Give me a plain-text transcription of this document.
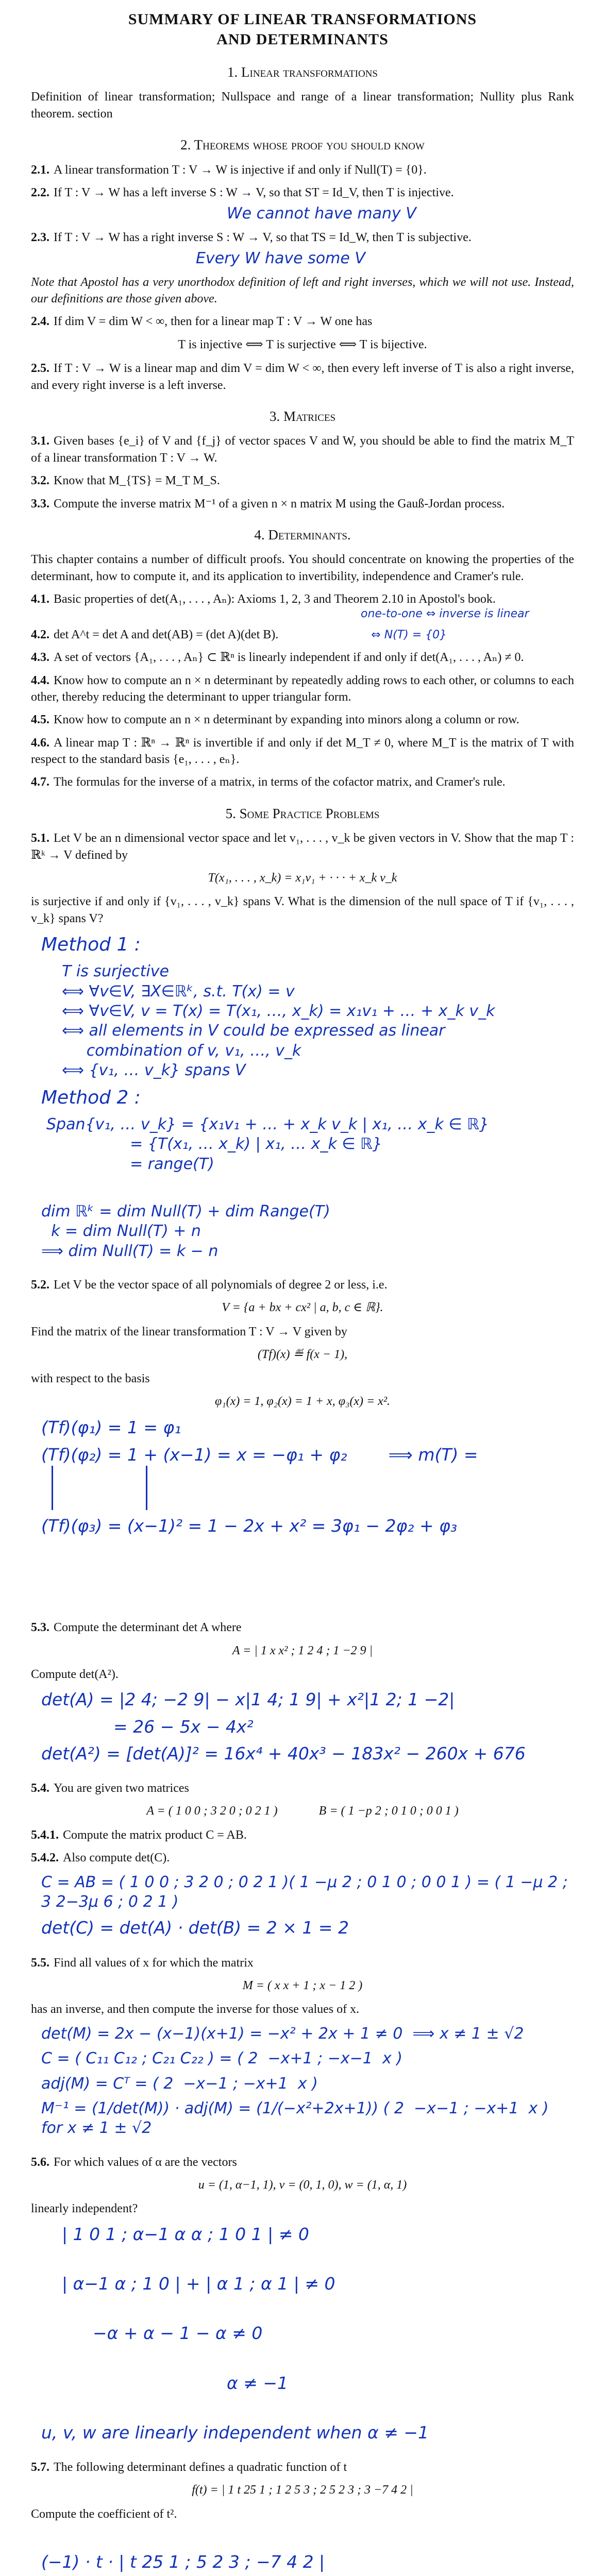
SUMMARY OF LINEAR TRANSFORMATIONS
AND DETERMINANTS
1. Linear transformations

Definition of linear transformation; Nullspace and range of a linear transformation; Nullity plus Rank theorem. section

2. Theorems whose proof you should know
2.1. A linear transformation T : V → W is injective if and only if Null(T) = {0}.
2.2. If T : V → W has a left inverse S : W → V, so that ST = Id_V, then T is injective.
We cannot have many V
2.3. If T : V → W has a right inverse S : W → V, so that TS = Id_W, then T is subjective.
Every W have some V
Note that Apostol has a very unorthodox definition of left and right inverses, which we will not use. Instead, our definitions are those given above.
2.4. If dim V = dim W < ∞, then for a linear map T : V → W one has
T is injective ⟺ T is surjective ⟺ T is bijective.
2.5. If T : V → W is a linear map and dim V = dim W < ∞, then every left inverse of T is also a right inverse, and every right inverse is a left inverse.
3. Matrices
3.1. Given bases {e_i} of V and {f_j} of vector spaces V and W, you should be able to find the matrix M_T of a linear transformation T : V → W.
3.2. Know that M_{TS} = M_T M_S.
3.3. Compute the inverse matrix M⁻¹ of a given n × n matrix M using the Gauß-Jordan process.
4. Determinants.

This chapter contains a number of difficult proofs. You should concentrate on knowing the properties of the determinant, how to compute it, and its application to invertibility, independence and Cramer's rule.

4.1. Basic properties of det(A₁, . . . , Aₙ): Axioms 1, 2, 3 and Theorem 2.10 in Apostol's book.
one-to-one ⇔ inverse is linear
4.2. det A^t = det A and det(AB) = (det A)(det B).	⇔ N(T) = {0}
4.3. A set of vectors {A₁, . . . , Aₙ} ⊂ ℝⁿ is linearly independent if and only if det(A₁, . . . , Aₙ) ≠ 0.
4.4. Know how to compute an n × n determinant by repeatedly adding rows to each other, or columns to each other, thereby reducing the determinant to upper triangular form.
4.5. Know how to compute an n × n determinant by expanding into minors along a column or row.
4.6. A linear map T : ℝⁿ → ℝⁿ is invertible if and only if det M_T ≠ 0, where M_T is the matrix of T with respect to the standard basis {e₁, . . . , eₙ}.
4.7. The formulas for the inverse of a matrix, in terms of the cofactor matrix, and Cramer's rule.
5. Some Practice Problems
5.1. Let V be an n dimensional vector space and let v₁, . . . , v_k be given vectors in V. Show that the map T : ℝᵏ → V defined by
T(x₁, . . . , x_k) = x₁v₁ + · · · + x_k v_k
is surjective if and only if {v₁, . . . , v_k} spans V. What is the dimension of the null space of T if {v₁, . . . , v_k} spans V?
Method 1 :
T is surjective
⟺ ∀v∈V, ∃X∈ℝᵏ, s.t. T(x) = v
⟺ ∀v∈V, v = T(x) = T(x₁, …, x_k) = x₁v₁ + … + x_k v_k
⟺ all elements in V could be expressed as linear
combination of v, v₁, …, v_k
⟺ {v₁, … v_k} spans V
Method 2 :
Span{v₁, … v_k} = {x₁v₁ + … + x_k v_k | x₁, … x_k ∈ ℝ}
= {T(x₁, … x_k) | x₁, … x_k ∈ ℝ}
= range(T)
dim ℝᵏ = dim Null(T) + dim Range(T)
k = dim Null(T) + n
⟹ dim Null(T) = k − n
5.2. Let V be the vector space of all polynomials of degree 2 or less, i.e.
V = {a + bx + cx² | a, b, c ∈ ℝ}.
Find the matrix of the linear transformation T : V → V given by
(Tf)(x) ≝ f(x − 1),
with respect to the basis
φ₁(x) = 1, φ₂(x) = 1 + x, φ₃(x) = x².
(Tf)(φ₁) = 1 = φ₁
(Tf)(φ₂) = 1 + (x−1) = x = −φ₁ + φ₂ ⟹ m(T) =
(Tf)(φ₃) = (x−1)² = 1 − 2x + x² = 3φ₁ − 2φ₂ + φ₃
5.3. Compute the determinant det A where
A = | 1 x x² ; 1 2 4 ; 1 −2 9 |
Compute det(A²).
det(A) = |2 4; −2 9| − x|1 4; 1 9| + x²|1 2; 1 −2|
= 26 − 5x − 4x²
det(A²) = [det(A)]² = 16x⁴ + 40x³ − 183x² − 260x + 676
5.4. You are given two matrices
A = ( 1 0 0 ; 3 2 0 ; 0 2 1 )	B = ( 1 −p 2 ; 0 1 0 ; 0 0 1 )
5.4.1. Compute the matrix product C = AB.
5.4.2. Also compute det(C).
C = AB = ( 1 0 0 ; 3 2 0 ; 0 2 1 )( 1 −μ 2 ; 0 1 0 ; 0 0 1 ) = ( 1 −μ 2 ; 3 2−3μ 6 ; 0 2 1 )
det(C) = det(A) · det(B) = 2 × 1 = 2
5.5. Find all values of x for which the matrix
M = ( x x + 1 ; x − 1 2 )
has an inverse, and then compute the inverse for those values of x.
det(M) = 2x − (x−1)(x+1) = −x² + 2x + 1 ≠ 0  ⟹ x ≠ 1 ± √2
C = ( C₁₁ C₁₂ ; C₂₁ C₂₂ ) = ( 2  −x+1 ; −x−1  x )
adj(M) = Cᵀ = ( 2  −x−1 ; −x+1  x )
M⁻¹ = (1/det(M)) · adj(M) = (1/(−x²+2x+1)) ( 2  −x−1 ; −x+1  x )   for x ≠ 1 ± √2
5.6. For which values of α are the vectors
u = (1, α−1, 1), v = (0, 1, 0), w = (1, α, 1)
linearly independent?
| 1 0 1 ; α−1 α α ; 1 0 1 | ≠ 0
| α−1 α ; 1 0 | + | α 1 ; α 1 | ≠ 0
−α + α − 1 − α ≠ 0
α ≠ −1
u, v, w are linearly independent when α ≠ −1
5.7. The following determinant defines a quadratic function of t
f(t) = | 1 t 25 1 ; 1 2 5 3 ; 2 5 2 3 ; 3 −7 4 2 |
Compute the coefficient of t².
(−1) · t · | t 25 1 ; 5 2 3 ; −7 4 2 |
